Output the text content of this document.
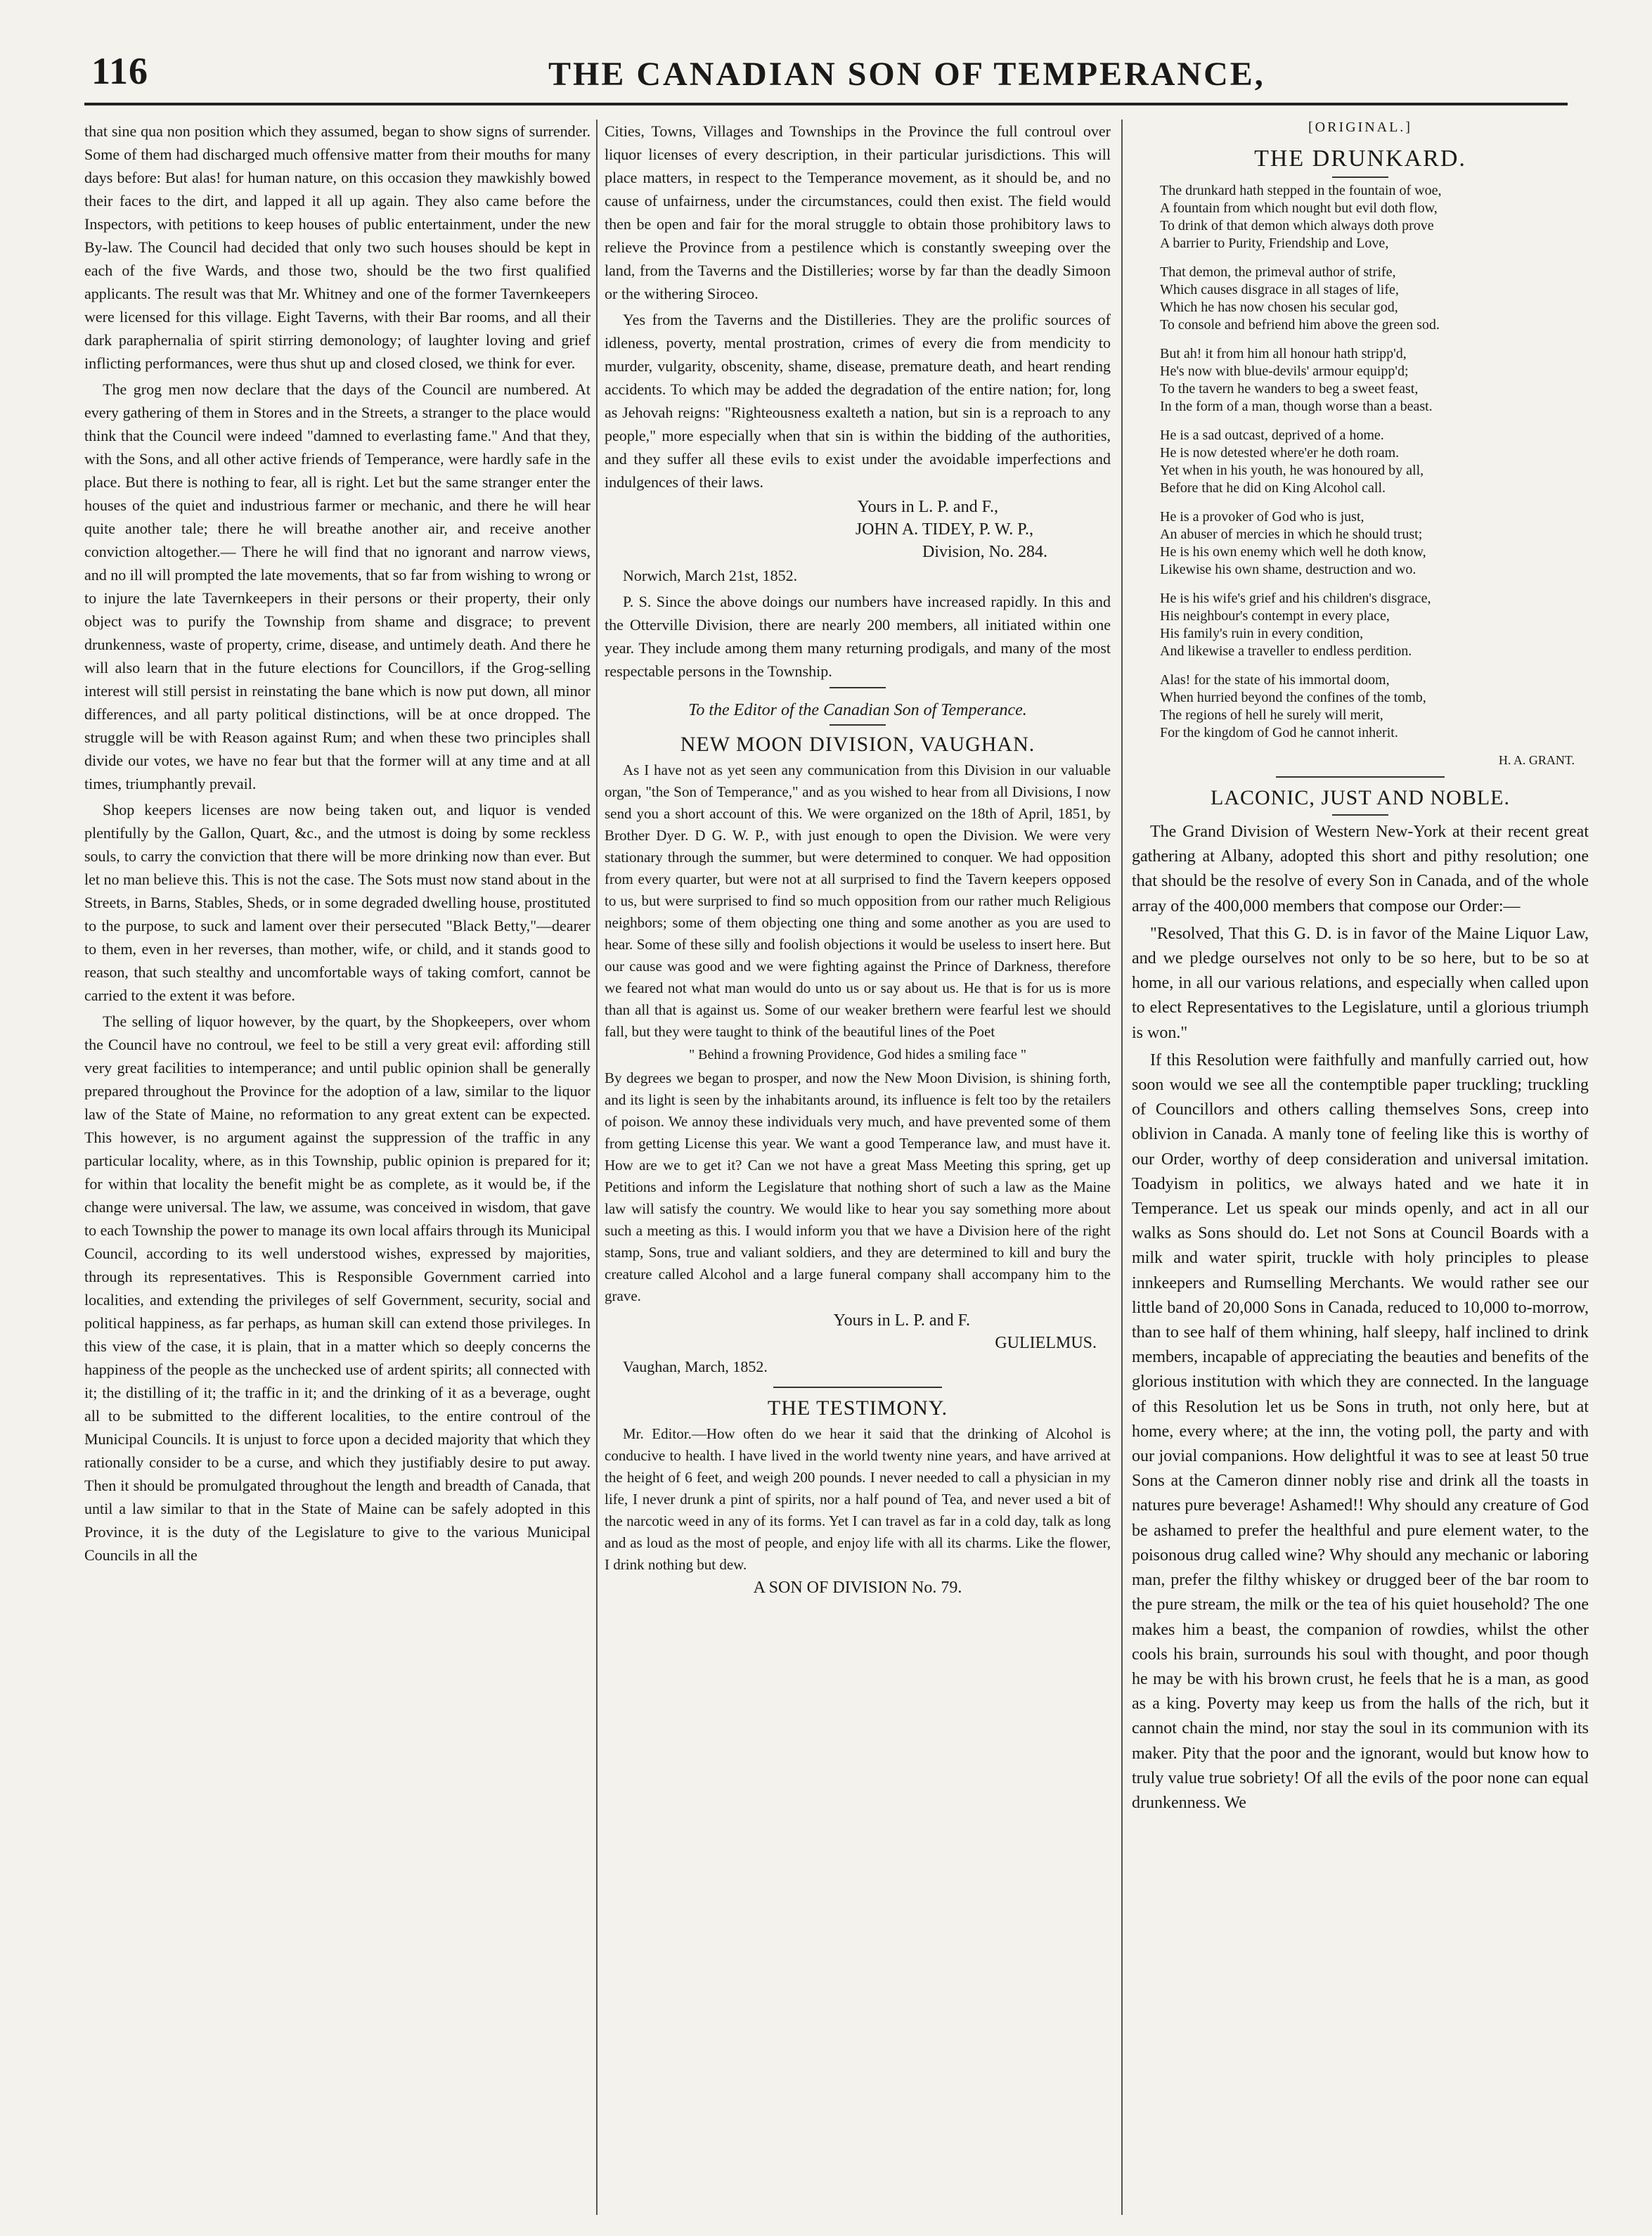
116	THE CANADIAN SON OF TEMPERANCE,

that sine qua non position which they assumed, began to show signs of surrender. Some of them had discharged much offensive matter from their mouths for many days before: But alas! for human nature, on this occasion they mawkishly bowed their faces to the dirt, and lapped it all up again. They also came before the Inspectors, with petitions to keep houses of public entertainment, under the new By-law. The Council had decided that only two such houses should be kept in each of the five Wards, and those two, should be the two first qualified applicants. The result was that Mr. Whitney and one of the former Tavernkeepers were licensed for this village. Eight Taverns, with their Bar rooms, and all their dark paraphernalia of spirit stirring demonology; of laughter loving and grief inflicting performances, were thus shut up and closed closed, we think for ever.

The grog men now declare that the days of the Council are numbered. At every gathering of them in Stores and in the Streets, a stranger to the place would think that the Council were indeed "damned to everlasting fame." And that they, with the Sons, and all other active friends of Temperance, were hardly safe in the place. But there is nothing to fear, all is right. Let but the same stranger enter the houses of the quiet and industrious farmer or mechanic, and there he will hear quite another tale; there he will breathe another air, and receive another conviction altogether.— There he will find that no ignorant and narrow views, and no ill will prompted the late movements, that so far from wishing to wrong or to injure the late Tavernkeepers in their persons or their property, their only object was to purify the Township from shame and disgrace; to prevent drunkenness, waste of property, crime, disease, and untimely death. And there he will also learn that in the future elections for Councillors, if the Grog-selling interest will still persist in reinstating the bane which is now put down, all minor differences, and all party political distinctions, will be at once dropped. The struggle will be with Reason against Rum; and when these two principles shall divide our votes, we have no fear but that the former will at any time and at all times, triumphantly prevail.

Shop keepers licenses are now being taken out, and liquor is vended plentifully by the Gallon, Quart, &c., and the utmost is doing by some reckless souls, to carry the conviction that there will be more drinking now than ever. But let no man believe this. This is not the case. The Sots must now stand about in the Streets, in Barns, Stables, Sheds, or in some degraded dwelling house, prostituted to the purpose, to suck and lament over their persecuted "Black Betty,"—dearer to them, even in her reverses, than mother, wife, or child, and it stands good to reason, that such stealthy and uncomfortable ways of taking comfort, cannot be carried to the extent it was before.

The selling of liquor however, by the quart, by the Shopkeepers, over whom the Council have no controul, we feel to be still a very great evil: affording still very great facilities to intemperance; and until public opinion shall be generally prepared throughout the Province for the adoption of a law, similar to the liquor law of the State of Maine, no reformation to any great extent can be expected. This however, is no argument against the suppression of the traffic in any particular locality, where, as in this Township, public opinion is prepared for it; for within that locality the benefit might be as complete, as it would be, if the change were universal. The law, we assume, was conceived in wisdom, that gave to each Township the power to manage its own local affairs through its Municipal Council, according to its well understood wishes, expressed by majorities, through its representatives. This is Responsible Government carried into localities, and extending the privileges of self Government, security, social and political happiness, as far perhaps, as human skill can extend those privileges. In this view of the case, it is plain, that in a matter which so deeply concerns the happiness of the people as the unchecked use of ardent spirits; all connected with it; the distilling of it; the traffic in it; and the drinking of it as a beverage, ought all to be submitted to the different localities, to the entire controul of the Municipal Councils. It is unjust to force upon a decided majority that which they rationally consider to be a curse, and which they justifiably desire to put away. Then it should be promulgated throughout the length and breadth of Canada, that until a law similar to that in the State of Maine can be safely adopted in this Province, it is the duty of the Legislature to give to the various Municipal Councils in all the

Cities, Towns, Villages and Townships in the Province the full controul over liquor licenses of every description, in their particular jurisdictions. This will place matters, in respect to the Temperance movement, as it should be, and no cause of unfairness, under the circumstances, could then exist. The field would then be open and fair for the moral struggle to obtain those prohibitory laws to relieve the Province from a pestilence which is constantly sweeping over the land, from the Taverns and the Distilleries; worse by far than the deadly Simoon or the withering Siroceo.

Yes from the Taverns and the Distilleries. They are the prolific sources of idleness, poverty, mental prostration, crimes of every die from mendicity to murder, vulgarity, obscenity, shame, disease, premature death, and heart rending accidents. To which may be added the degradation of the entire nation; for, long as Jehovah reigns: "Righteousness exalteth a nation, but sin is a reproach to any people," more especially when that sin is within the bidding of the authorities, and they suffer all these evils to exist under the avoidable imperfections and indulgences of their laws.

Yours in L. P. and F.,
JOHN A. TIDEY, P. W. P.,
Division, No. 284.

Norwich, March 21st, 1852.

P. S. Since the above doings our numbers have increased rapidly. In this and the Otterville Division, there are nearly 200 members, all initiated within one year. They include among them many returning prodigals, and many of the most respectable persons in the Township.

To the Editor of the Canadian Son of Temperance.
NEW MOON DIVISION, VAUGHAN.

As I have not as yet seen any communication from this Division in our valuable organ, "the Son of Temperance," and as you wished to hear from all Divisions, I now send you a short account of this. We were organized on the 18th of April, 1851, by Brother Dyer. D G. W. P., with just enough to open the Division. We were very stationary through the summer, but were determined to conquer. We had opposition from every quarter, but were not at all surprised to find the Tavern keepers opposed to us, but were surprised to find so much opposition from our rather much Religious neighbors; some of them objecting one thing and some another as you are used to hear. Some of these silly and foolish objections it would be useless to insert here. But our cause was good and we were fighting against the Prince of Darkness, therefore we feared not what man would do unto us or say about us. He that is for us is more than all that is against us. Some of our weaker brethern were fearful lest we should fall, but they were taught to think of the beautiful lines of the Poet

" Behind a frowning Providence, God hides a smiling face "

By degrees we began to prosper, and now the New Moon Division, is shining forth, and its light is seen by the inhabitants around, its influence is felt too by the retailers of poison. We annoy these individuals very much, and have prevented some of them from getting License this year. We want a good Temperance law, and must have it. How are we to get it? Can we not have a great Mass Meeting this spring, get up Petitions and inform the Legislature that nothing short of such a law as the Maine law will satisfy the country. We would like to hear you say something more about such a meeting as this. I would inform you that we have a Division here of the right stamp, Sons, true and valiant soldiers, and they are determined to kill and bury the creature called Alcohol and a large funeral company shall accompany him to the grave.

Yours in L. P. and F.
GULIELMUS.

Vaughan, March, 1852.

THE TESTIMONY.

Mr. Editor.—How often do we hear it said that the drinking of Alcohol is conducive to health. I have lived in the world twenty nine years, and have arrived at the height of 6 feet, and weigh 200 pounds. I never needed to call a physician in my life, I never drunk a pint of spirits, nor a half pound of Tea, and never used a bit of the narcotic weed in any of its forms. Yet I can travel as far in a cold day, talk as long and as loud as the most of people, and enjoy life with all its charms. Like the flower, I drink nothing but dew.

A SON OF DIVISION No. 79.
[ORIGINAL.]
THE DRUNKARD.
The drunkard hath stepped in the fountain of woe,
A fountain from which nought but evil doth flow,
To drink of that demon which always doth prove
A barrier to Purity, Friendship and Love,
That demon, the primeval author of strife,
Which causes disgrace in all stages of life,
Which he has now chosen his secular god,
To console and befriend him above the green sod.
But ah! it from him all honour hath stripp'd,
He's now with blue-devils' armour equipp'd;
To the tavern he wanders to beg a sweet feast,
In the form of a man, though worse than a beast.
He is a sad outcast, deprived of a home.
He is now detested where'er he doth roam.
Yet when in his youth, he was honoured by all,
Before that he did on King Alcohol call.
He is a provoker of God who is just,
An abuser of mercies in which he should trust;
He is his own enemy which well he doth know,
Likewise his own shame, destruction and wo.
He is his wife's grief and his children's disgrace,
His neighbour's contempt in every place,
His family's ruin in every condition,
And likewise a traveller to endless perdition.
Alas! for the state of his immortal doom,
When hurried beyond the confines of the tomb,
The regions of hell he surely will merit,
For the kingdom of God he cannot inherit.
H. A. GRANT.
LACONIC, JUST AND NOBLE.

The Grand Division of Western New-York at their recent great gathering at Albany, adopted this short and pithy resolution; one that should be the resolve of every Son in Canada, and of the whole array of the 400,000 members that compose our Order:—

"Resolved, That this G. D. is in favor of the Maine Liquor Law, and we pledge ourselves not only to be so here, but to be so at home, in all our various relations, and especially when called upon to elect Representatives to the Legislature, until a glorious triumph is won."

If this Resolution were faithfully and manfully carried out, how soon would we see all the contemptible paper truckling; truckling of Councillors and others calling themselves Sons, creep into oblivion in Canada. A manly tone of feeling like this is worthy of our Order, worthy of deep consideration and universal imitation. Toadyism in politics, we always hated and we hate it in Temperance. Let us speak our minds openly, and act in all our walks as Sons should do. Let not Sons at Council Boards with a milk and water spirit, truckle with holy principles to please innkeepers and Rumselling Merchants. We would rather see our little band of 20,000 Sons in Canada, reduced to 10,000 to-morrow, than to see half of them whining, half sleepy, half inclined to drink members, incapable of appreciating the beauties and benefits of the glorious institution with which they are connected. In the language of this Resolution let us be Sons in truth, not only here, but at home, every where; at the inn, the voting poll, the party and with our jovial companions. How delightful it was to see at least 50 true Sons at the Cameron dinner nobly rise and drink all the toasts in natures pure beverage! Ashamed!! Why should any creature of God be ashamed to prefer the healthful and pure element water, to the poisonous drug called wine? Why should any mechanic or laboring man, prefer the filthy whiskey or drugged beer of the bar room to the pure stream, the milk or the tea of his quiet household? The one makes him a beast, the companion of rowdies, whilst the other cools his brain, surrounds his soul with thought, and poor though he may be with his brown crust, he feels that he is a man, as good as a king. Poverty may keep us from the halls of the rich, but it cannot chain the mind, nor stay the soul in its communion with its maker. Pity that the poor and the ignorant, would but know how to truly value true sobriety! Of all the evils of the poor none can equal drunkenness. We
